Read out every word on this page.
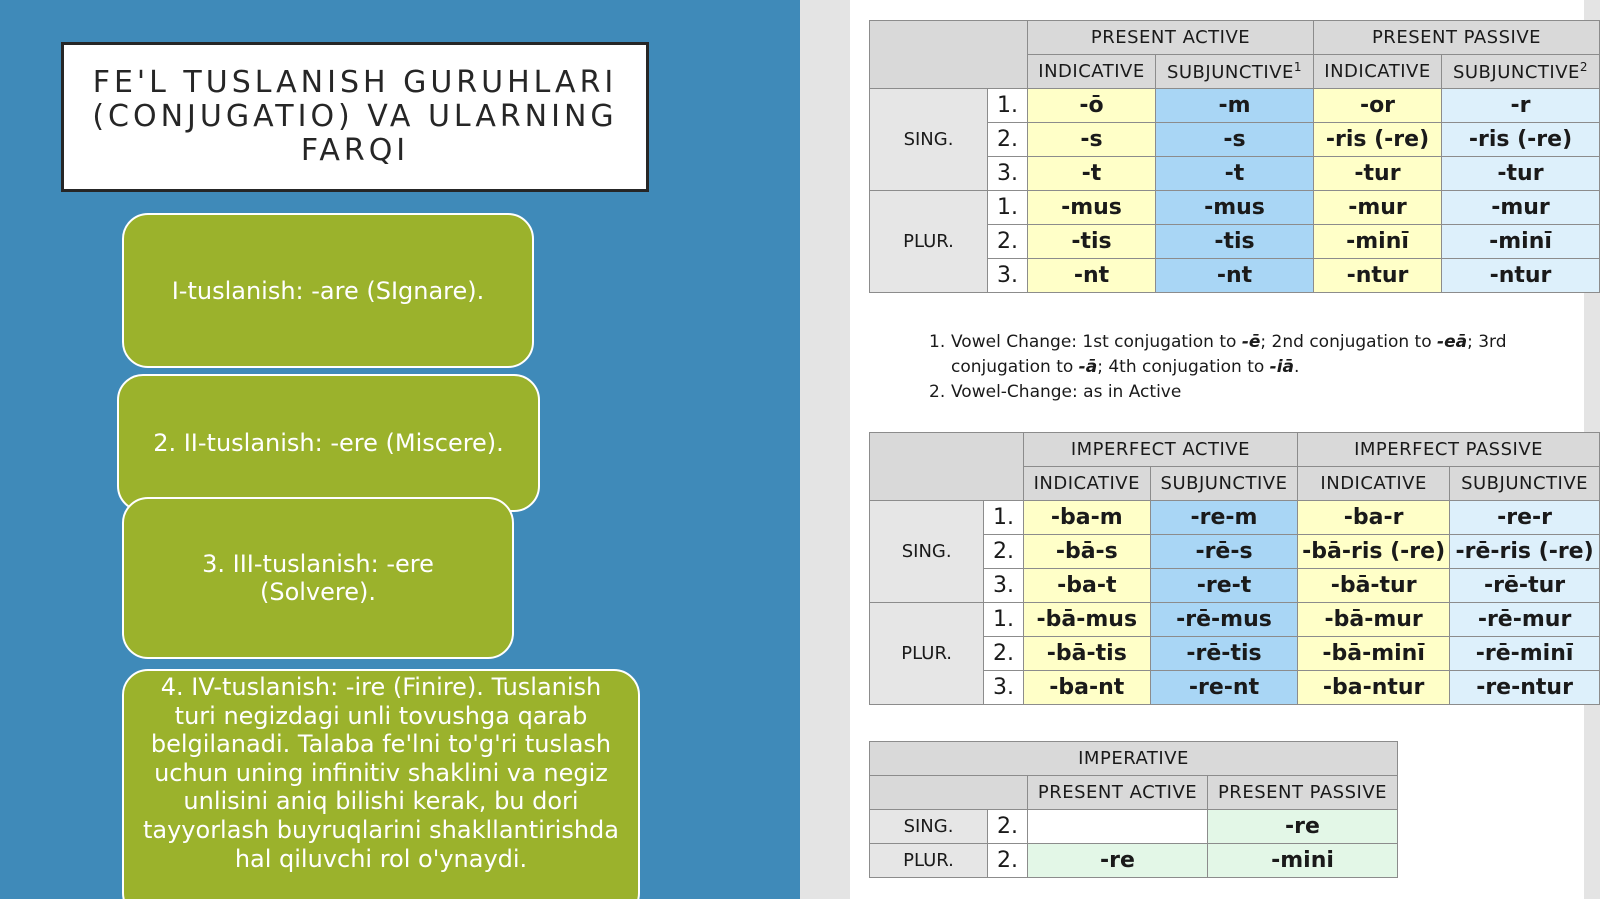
FE'L TUSLANISH GURUHLARI (CONJUGATIO) VA ULARNING FARQI
I-tuslanish: -are (SIgnare).
2. II-tuslanish: -ere (Miscere).
3. III-tuslanish: -ere (Solvere).
4. IV-tuslanish: -ire (Finire). Tuslanish turi negizdagi unli tovushga qarab belgilanadi. Talaba fe'lni to'g'ri tuslash uchun uning infinitiv shaklini va negiz unlisini aniq bilishi kerak, bu dori tayyorlash buyruqlarini shakllantirishda hal qiluvchi rol o'ynaydi.
		PRESENT ACTIVE		PRESENT PASSIVE	
		INDICATIVE	SUBJUNCTIVE$^1$	INDICATIVE	SUBJUNCTIVE$^2$
SING.	1.	-ō	-m	-or	-r
	2.	-s	-s	-ris (-re)	-ris (-re)
	3.	-t	-t	-tur	-tur
PLUR.	1.	-mus	-mus	-mur	-mur
	2.	-tis	-tis	-minī	-minī
	3.	-nt	-nt	-ntur	-ntur
1. Vowel Change: 1st conjugation to -ē; 2nd conjugation to -eā; 3rd conjugation to -ā; 4th conjugation to -iā.
2. Vowel-Change: as in Active
		IMPERFECT ACTIVE		IMPERFECT PASSIVE	
		INDICATIVE	SUBJUNCTIVE	INDICATIVE	SUBJUNCTIVE
SING.	1.	-ba-m	-re-m	-ba-r	-re-r
	2.	-bā-s	-rē-s	-bā-ris (-re)	-rē-ris (-re)
	3.	-ba-t	-re-t	-bā-tur	-rē-tur
PLUR.	1.	-bā-mus	-rē-mus	-bā-mur	-rē-mur
	2.	-bā-tis	-rē-tis	-bā-minī	-rē-minī
	3.	-ba-nt	-re-nt	-ba-ntur	-re-ntur
IMPERATIVE			
		PRESENT ACTIVE	PRESENT PASSIVE
SING.	2.		-re
PLUR.	2.	-re	-mini
